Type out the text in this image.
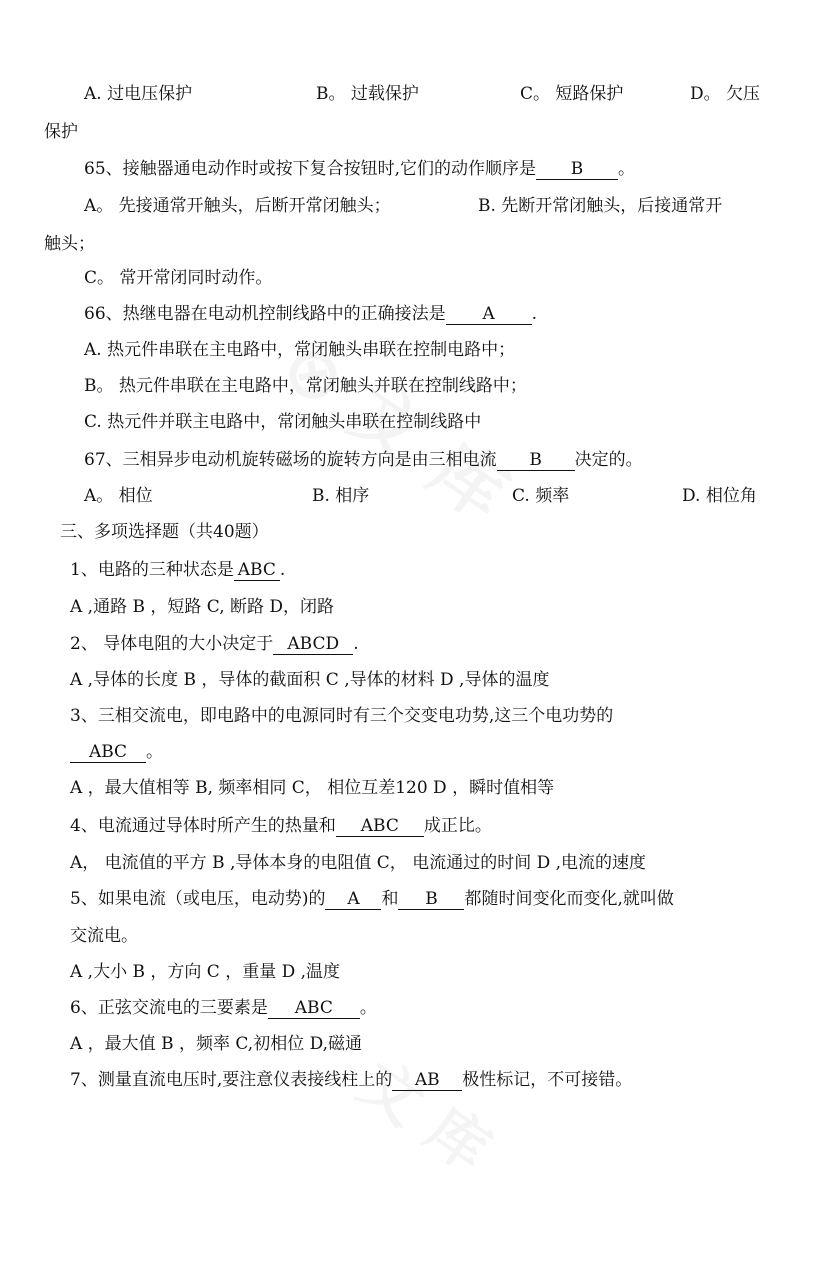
A. 过电压保护	B。 过载保护	C。 短路保护	D。 欠压
保护
65、接触器通电动作时或按下复合按钮时,它们的动作顺序是 B 。
A。 先接通常开触头，后断开常闭触头；	B. 先断开常闭触头，后接通常开
触头；
C。 常开常闭同时动作。
66、热继电器在电动机控制线路中的正确接法是 A .
A. 热元件串联在主电路中，常闭触头串联在控制电路中；
B。 热元件串联在主电路中，常闭触头并联在控制线路中；
C. 热元件并联主电路中，常闭触头串联在控制线路中
67、三相异步电动机旋转磁场的旋转方向是由三相电流 B 决定的。
A。 相位	B. 相序	C. 频率	D. 相位角
三、多项选择题（共40题）
1、电路的三种状态是 ABC .
A ,通路 B ，短路 C, 断路 D，闭路
2、 导体电阻的大小决定于 ABCD .
A ,导体的长度 B ，导体的截面积 C ,导体的材料 D ,导体的温度
3、三相交流电，即电路中的电源同时有三个交变电功势,这三个电功势的
ABC 。
A ，最大值相等 B, 频率相同 C， 相位互差120 D ，瞬时值相等
4、电流通过导体时所产生的热量和 ABC 成正比。
A， 电流值的平方 B ,导体本身的电阻值 C， 电流通过的时间 D ,电流的速度
5、如果电流（或电压，电动势)的 A 和 B 都随时间变化而变化,就叫做
交流电。
A ,大小 B ，方向 C ，重量 D ,温度
6、正弦交流电的三要素是 ABC 。
A ，最大值 B ，频率 C,初相位 D,磁通
7、测量直流电压时,要注意仪表接线柱上的 AB 极性标记，不可接错。
